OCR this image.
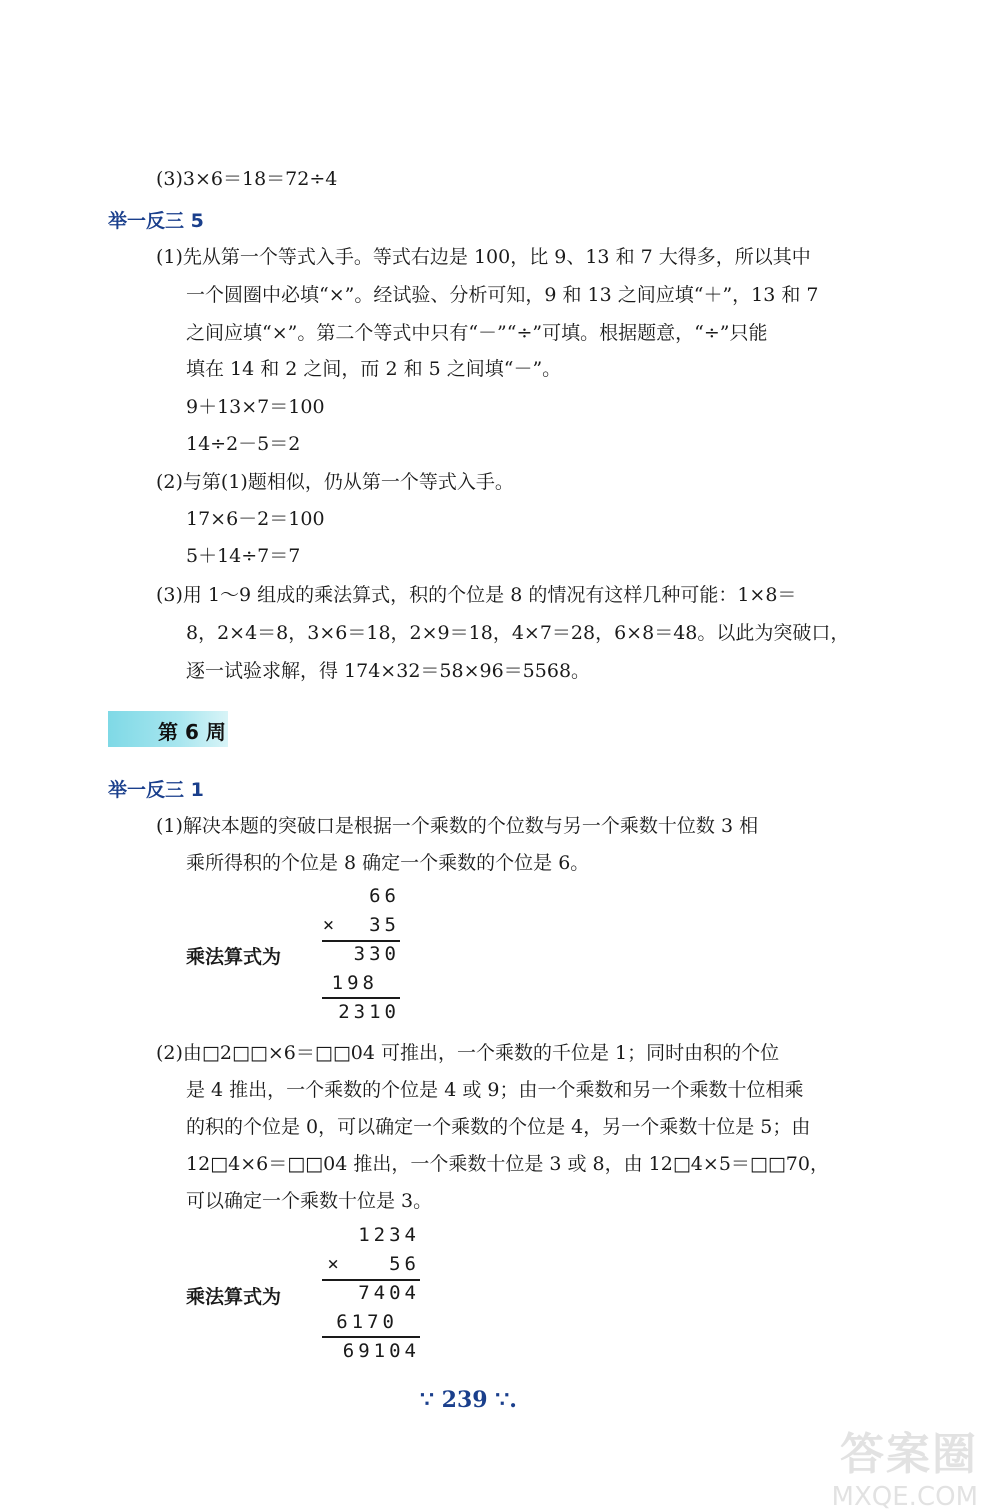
(3)3×6＝18＝72÷4
举一反三 5
(1)先从第一个等式入手。等式右边是 100，比 9、13 和 7 大得多，所以其中
一个圆圈中必填“×”。经试验、分析可知，9 和 13 之间应填“＋”，13 和 7
之间应填“×”。第二个等式中只有“－”“÷”可填。根据题意，“÷”只能
填在 14 和 2 之间，而 2 和 5 之间填“－”。
9＋13×7＝100
14÷2－5＝2
(2)与第(1)题相似，仍从第一个等式入手。
17×6－2＝100
5＋14÷7＝7
(3)用 1～9 组成的乘法算式，积的个位是 8 的情况有这样几种可能：1×8＝
8，2×4＝8，3×6＝18，2×9＝18，4×7＝28，6×8＝48。以此为突破口，
逐一试验求解，得 174×32＝58×96＝5568。
第 6 周
举一反三 1
(1)解决本题的突破口是根据一个乘数的个位数与另一个乘数十位数 3 相
乘所得积的个位是 8 确定一个乘数的个位是 6。
乘法算式为
66
×  35
330
198
2310
(2)由□2□□×6＝□□04 可推出，一个乘数的千位是 1；同时由积的个位
是 4 推出，一个乘数的个位是 4 或 9；由一个乘数和另一个乘数十位相乘
的积的个位是 0，可以确定一个乘数的个位是 4，另一个乘数十位是 5；由
12□4×6＝□□04 推出，一个乘数十位是 3 或 8，由 12□4×5＝□□70，
可以确定一个乘数十位是 3。
乘法算式为
1234
×   56
7404
6170
69104
∵ 239 ∵.
答案圈
MXQE.COM
